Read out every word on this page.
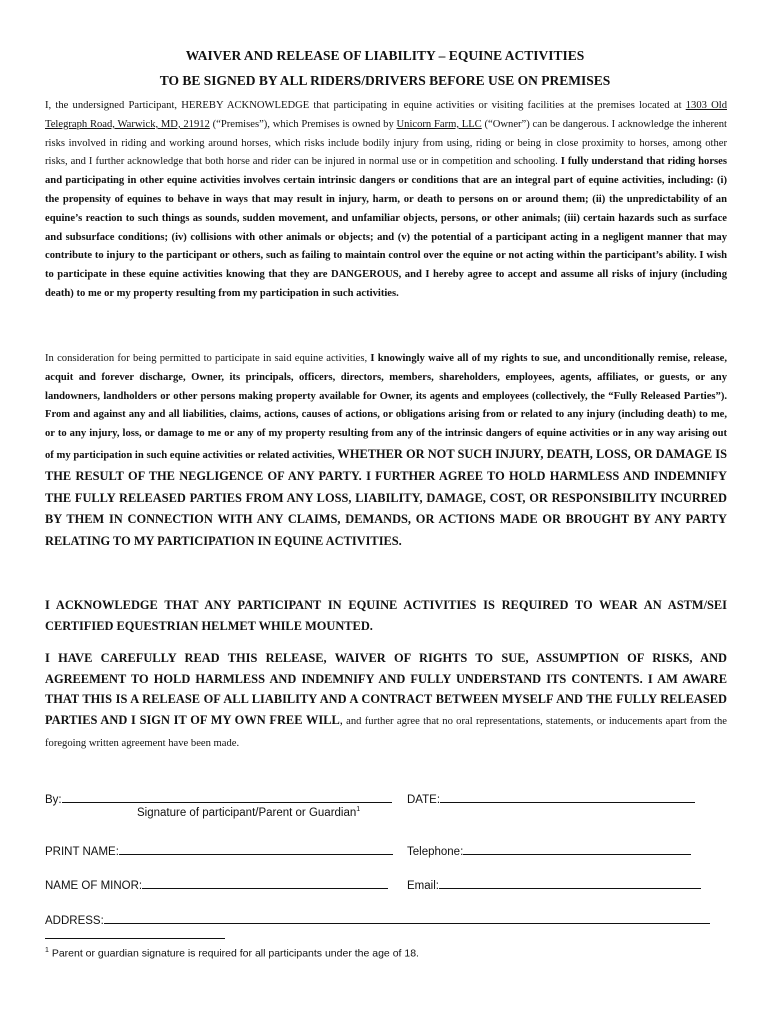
WAIVER AND RELEASE OF LIABILITY – EQUINE ACTIVITIES
TO BE SIGNED BY ALL RIDERS/DRIVERS BEFORE USE ON PREMISES
I, the undersigned Participant, HEREBY ACKNOWLEDGE that participating in equine activities or visiting facilities at the premises located at 1303 Old Telegraph Road, Warwick, MD, 21912 (“Premises”), which Premises is owned by Unicorn Farm, LLC (“Owner”) can be dangerous. I acknowledge the inherent risks involved in riding and working around horses, which risks include bodily injury from using, riding or being in close proximity to horses, among other risks, and I further acknowledge that both horse and rider can be injured in normal use or in competition and schooling. I fully understand that riding horses and participating in other equine activities involves certain intrinsic dangers or conditions that are an integral part of equine activities, including: (i) the propensity of equines to behave in ways that may result in injury, harm, or death to persons on or around them; (ii) the unpredictability of an equine’s reaction to such things as sounds, sudden movement, and unfamiliar objects, persons, or other animals; (iii) certain hazards such as surface and subsurface conditions; (iv) collisions with other animals or objects; and (v) the potential of a participant acting in a negligent manner that may contribute to injury to the participant or others, such as failing to maintain control over the equine or not acting within the participant’s ability. I wish to participate in these equine activities knowing that they are DANGEROUS, and I hereby agree to accept and assume all risks of injury (including death) to me or my property resulting from my participation in such activities.
In consideration for being permitted to participate in said equine activities, I knowingly waive all of my rights to sue, and unconditionally remise, release, acquit and forever discharge, Owner, its principals, officers, directors, members, shareholders, employees, agents, affiliates, or guests, or any landowners, landholders or other persons making property available for Owner, its agents and employees (collectively, the “Fully Released Parties”). From and against any and all liabilities, claims, actions, causes of actions, or obligations arising from or related to any injury (including death) to me, or to any injury, loss, or damage to me or any of my property resulting from any of the intrinsic dangers of equine activities or in any way arising out of my participation in such equine activities or related activities, WHETHER OR NOT SUCH INJURY, DEATH, LOSS, OR DAMAGE IS THE RESULT OF THE NEGLIGENCE OF ANY PARTY. I FURTHER AGREE TO HOLD HARMLESS AND INDEMNIFY THE FULLY RELEASED PARTIES FROM ANY LOSS, LIABILITY, DAMAGE, COST, OR RESPONSIBILITY INCURRED BY THEM IN CONNECTION WITH ANY CLAIMS, DEMANDS, OR ACTIONS MADE OR BROUGHT BY ANY PARTY RELATING TO MY PARTICIPATION IN EQUINE ACTIVITIES.
I ACKNOWLEDGE THAT ANY PARTICIPANT IN EQUINE ACTIVITIES IS REQUIRED TO WEAR AN ASTM/SEI CERTIFIED EQUESTRIAN HELMET WHILE MOUNTED.
I HAVE CAREFULLY READ THIS RELEASE, WAIVER OF RIGHTS TO SUE, ASSUMPTION OF RISKS, AND AGREEMENT TO HOLD HARMLESS AND INDEMNIFY AND FULLY UNDERSTAND ITS CONTENTS. I AM AWARE THAT THIS IS A RELEASE OF ALL LIABILITY AND A CONTRACT BETWEEN MYSELF AND THE FULLY RELEASED PARTIES AND I SIGN IT OF MY OWN FREE WILL, and further agree that no oral representations, statements, or inducements apart from the foregoing written agreement have been made.
By:
Signature of participant/Parent or Guardian$^1$
DATE:
PRINT NAME:	Telephone:
NAME OF MINOR:	Email:
ADDRESS:
$^1$ Parent or guardian signature is required for all participants under the age of 18.
